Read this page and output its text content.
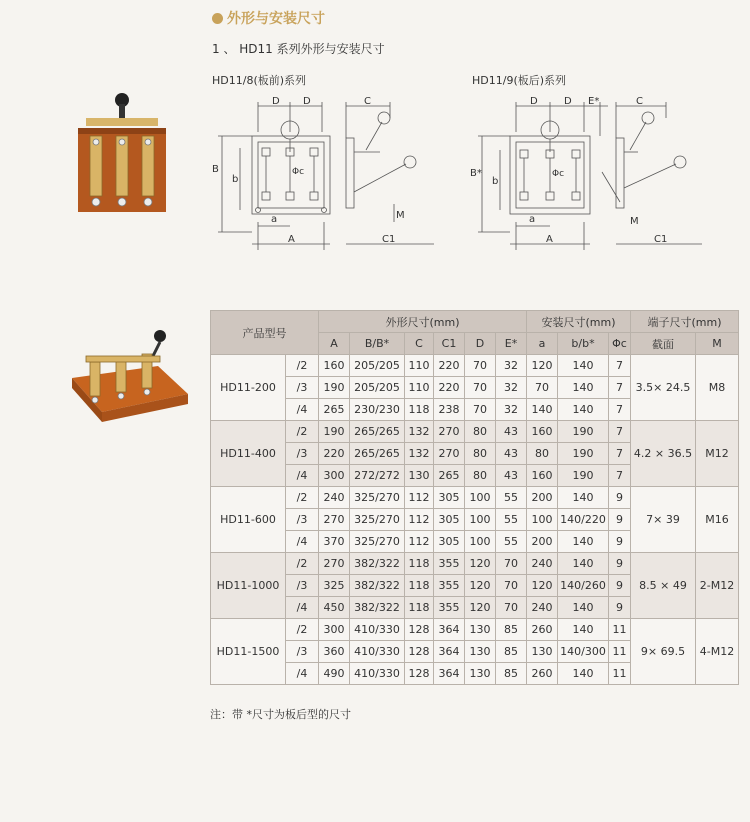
外形与安装尺寸
1 、 HD11 系列外形与安装尺寸
HD11/8(板前)系列	HD11/9(板后)系列
D D	C
B
b
Φc
a
A
M
C1
D	D E*	C
B*
b
Φc
a
A
M
C1
产品型号		外形尺寸(mm)						安装尺寸(mm)			端子尺寸(mm)	
		A	B/B*	C	C1	D	E*	a	b/b*	Φc	截面	M
HD11-200	/2	160	205/205	110	220	70	32	120	140	7	3.5× 24.5	M8
	/3	190	205/205	110	220	70	32	70	140	7		
	/4	265	230/230	118	238	70	32	140	140	7		
HD11-400	/2	190	265/265	132	270	80	43	160	190	7	4.2 × 36.5	M12
	/3	220	265/265	132	270	80	43	80	190	7		
	/4	300	272/272	130	265	80	43	160	190	7		
HD11-600	/2	240	325/270	112	305	100	55	200	140	9	7× 39	M16
	/3	270	325/270	112	305	100	55	100	140/220	9		
	/4	370	325/270	112	305	100	55	200	140	9		
HD11-1000	/2	270	382/322	118	355	120	70	240	140	9	8.5 × 49	2-M12
	/3	325	382/322	118	355	120	70	120	140/260	9		
	/4	450	382/322	118	355	120	70	240	140	9		
HD11-1500	/2	300	410/330	128	364	130	85	260	140	11	9× 69.5	4-M12
	/3	360	410/330	128	364	130	85	130	140/300	11		
	/4	490	410/330	128	364	130	85	260	140	11		
注：带 *尺寸为板后型的尺寸
